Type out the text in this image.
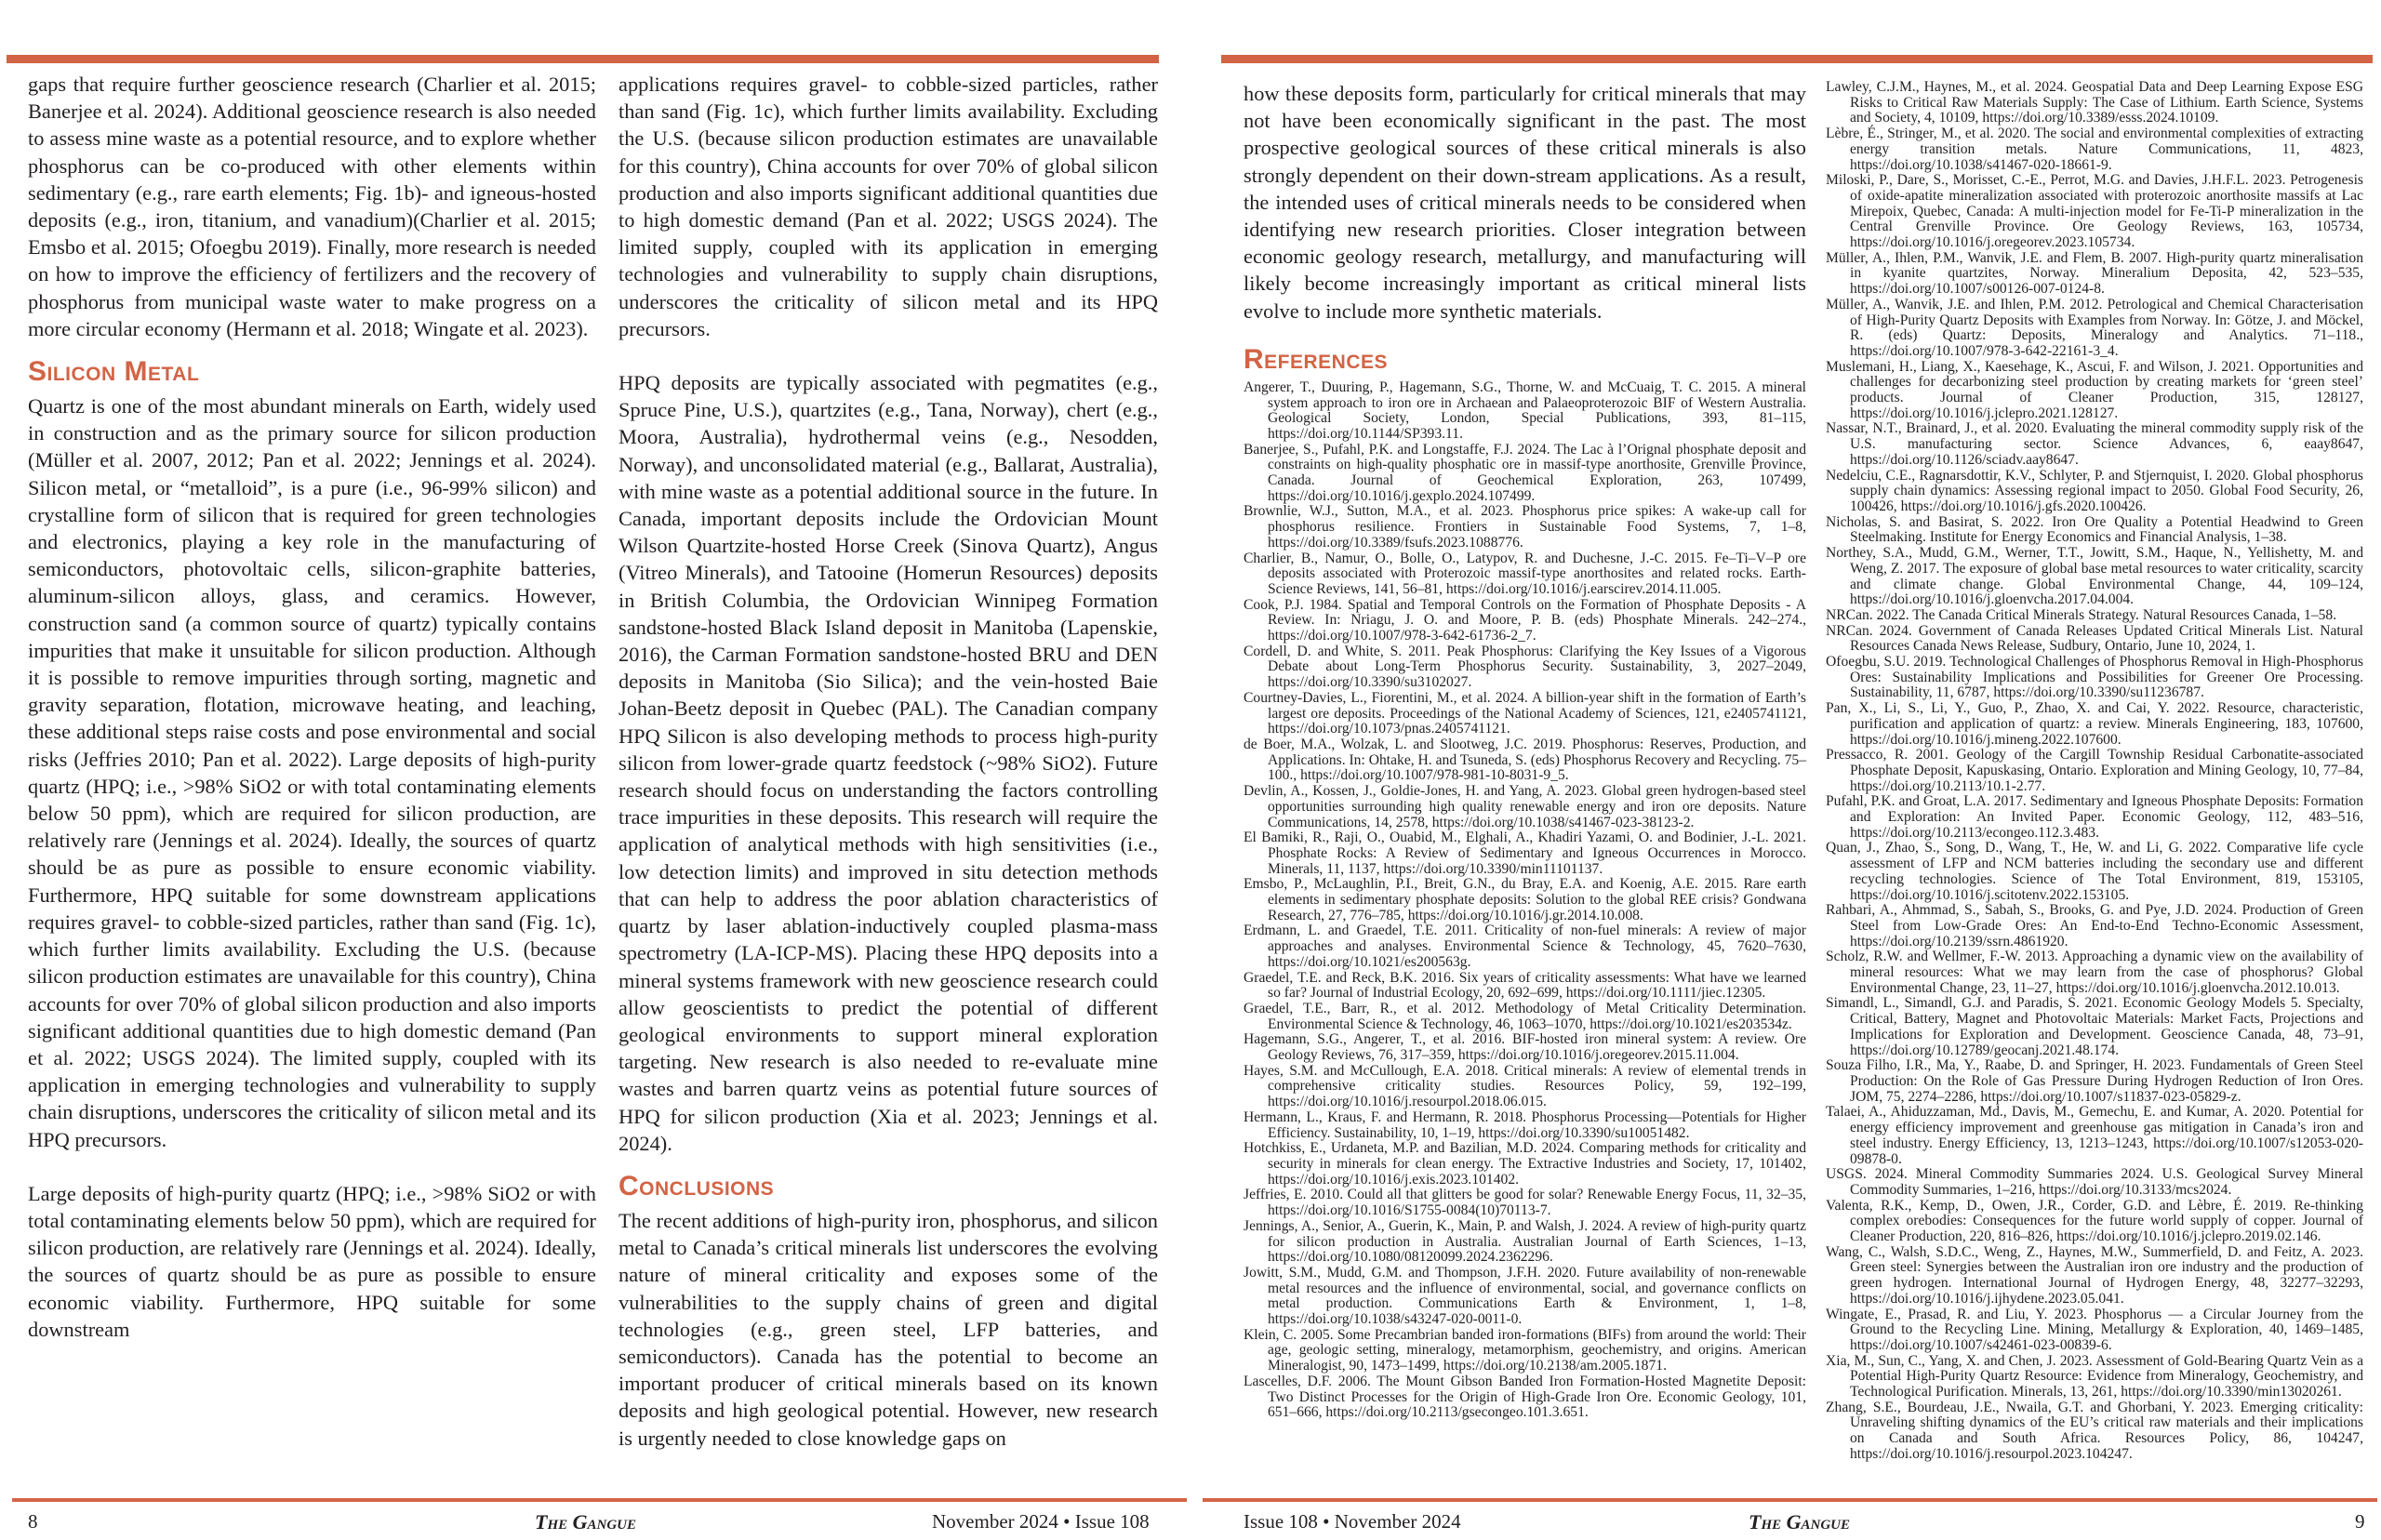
gaps that require further geoscience research (Charlier et al. 2015; Banerjee et al. 2024). Additional geoscience research is also needed to assess mine waste as a potential resource, and to explore whether phosphorus can be co-produced with other elements within sedimentary (e.g., rare earth elements; Fig. 1b)- and igneous-hosted deposits (e.g., iron, titanium, and vanadium)(Charlier et al. 2015; Emsbo et al. 2015; Ofoegbu 2019). Finally, more research is needed on how to improve the efficiency of fertilizers and the recovery of phosphorus from municipal waste water to make progress on a more circular economy (Hermann et al. 2018; Wingate et al. 2023).

Silicon Metal

Quartz is one of the most abundant minerals on Earth, widely used in construction and as the primary source for silicon production (Müller et al. 2007, 2012; Pan et al. 2022; Jennings et al. 2024). Silicon metal, or “metalloid”, is a pure (i.e., 96-99% silicon) and crystalline form of silicon that is required for green technologies and electronics, playing a key role in the manufacturing of semiconductors, photovoltaic cells, silicon-graphite batteries, aluminum-silicon alloys, glass, and ceramics. However, construction sand (a common source of quartz) typically contains impurities that make it unsuitable for silicon production. Although it is possible to remove impurities through sorting, magnetic and gravity separation, flotation, microwave heating, and leaching, these additional steps raise costs and pose environmental and social risks (Jeffries 2010; Pan et al. 2022). Large deposits of high-purity quartz (HPQ; i.e., >98% SiO2 or with total contaminating elements below 50 ppm), which are required for silicon production, are relatively rare (Jennings et al. 2024). Ideally, the sources of quartz should be as pure as possible to ensure economic viability. Furthermore, HPQ suitable for some downstream applications requires gravel- to cobble-sized particles, rather than sand (Fig. 1c), which further limits availability. Excluding the U.S. (because silicon production estimates are unavailable for this country), China accounts for over 70% of global silicon production and also imports significant additional quantities due to high domestic demand (Pan et al. 2022; USGS 2024). The limited supply, coupled with its application in emerging technologies and vulnerability to supply chain disruptions, underscores the criticality of silicon metal and its HPQ precursors.

Large deposits of high-purity quartz (HPQ; i.e., >98% SiO2 or with total contaminating elements below 50 ppm), which are required for silicon production, are relatively rare (Jennings et al. 2024). Ideally, the sources of quartz should be as pure as possible to ensure economic viability. Furthermore, HPQ suitable for some downstream

applications requires gravel- to cobble-sized particles, rather than sand (Fig. 1c), which further limits availability. Excluding the U.S. (because silicon production estimates are unavailable for this country), China accounts for over 70% of global silicon production and also imports significant additional quantities due to high domestic demand (Pan et al. 2022; USGS 2024). The limited supply, coupled with its application in emerging technologies and vulnerability to supply chain disruptions, underscores the criticality of silicon metal and its HPQ precursors.

HPQ deposits are typically associated with pegmatites (e.g., Spruce Pine, U.S.), quartzites (e.g., Tana, Norway), chert (e.g., Moora, Australia), hydrothermal veins (e.g., Nesodden, Norway), and unconsolidated material (e.g., Ballarat, Australia), with mine waste as a potential additional source in the future. In Canada, important deposits include the Ordovician Mount Wilson Quartzite-hosted Horse Creek (Sinova Quartz), Angus (Vitreo Minerals), and Tatooine (Homerun Resources) deposits in British Columbia, the Ordovician Winnipeg Formation sandstone-hosted Black Island deposit in Manitoba (Lapenskie, 2016), the Carman Formation sandstone-hosted BRU and DEN deposits in Manitoba (Sio Silica); and the vein-hosted Baie Johan-Beetz deposit in Quebec (PAL). The Canadian company HPQ Silicon is also developing methods to process high-purity silicon from lower-grade quartz feedstock (~98% SiO2). Future research should focus on understanding the factors controlling trace impurities in these deposits. This research will require the application of analytical methods with high sensitivities (i.e., low detection limits) and improved in situ detection methods that can help to address the poor ablation characteristics of quartz by laser ablation-inductively coupled plasma-mass spectrometry (LA-ICP-MS). Placing these HPQ deposits into a mineral systems framework with new geoscience research could allow geoscientists to predict the potential of different geological environments to support mineral exploration targeting. New research is also needed to re-evaluate mine wastes and barren quartz veins as potential future sources of HPQ for silicon production (Xia et al. 2023; Jennings et al. 2024).

Conclusions

The recent additions of high-purity iron, phosphorus, and silicon metal to Canada’s critical minerals list underscores the evolving nature of mineral criticality and exposes some of the vulnerabilities to the supply chains of green and digital technologies (e.g., green steel, LFP batteries, and semiconductors). Canada has the potential to become an important producer of critical minerals based on its known deposits and high geological potential. However, new research is urgently needed to close knowledge gaps on

8	The Gangue	November 2024 • Issue 108

how these deposits form, particularly for critical minerals that may not have been economically significant in the past. The most prospective geological sources of these critical minerals is also strongly dependent on their down-stream applications. As a result, the intended uses of critical minerals needs to be considered when identifying new research priorities. Closer integration between economic geology research, metallurgy, and manufacturing will likely become increasingly important as critical mineral lists evolve to include more synthetic materials.

References

Angerer, T., Duuring, P., Hagemann, S.G., Thorne, W. and McCuaig, T. C. 2015. A mineral system approach to iron ore in Archaean and Palaeoproterozoic BIF of Western Australia. Geological Society, London, Special Publications, 393, 81–115, https://doi.org/10.1144/SP393.11.

Banerjee, S., Pufahl, P.K. and Longstaffe, F.J. 2024. The Lac à l’Orignal phosphate deposit and constraints on high-quality phosphatic ore in massif-type anorthosite, Grenville Province, Canada. Journal of Geochemical Exploration, 263, 107499, https://doi.org/10.1016/j.gexplo.2024.107499.

Brownlie, W.J., Sutton, M.A., et al. 2023. Phosphorus price spikes: A wake-up call for phosphorus resilience. Frontiers in Sustainable Food Systems, 7, 1–8, https://doi.org/10.3389/fsufs.2023.1088776.

Charlier, B., Namur, O., Bolle, O., Latypov, R. and Duchesne, J.-C. 2015. Fe–Ti–V–P ore deposits associated with Proterozoic massif-type anorthosites and related rocks. Earth-Science Reviews, 141, 56–81, https://doi.org/10.1016/j.earscirev.2014.11.005.

Cook, P.J. 1984. Spatial and Temporal Controls on the Formation of Phosphate Deposits - A Review. In: Nriagu, J. O. and Moore, P. B. (eds) Phosphate Minerals. 242–274., https://doi.org/10.1007/978-3-642-61736-2_7.

Cordell, D. and White, S. 2011. Peak Phosphorus: Clarifying the Key Issues of a Vigorous Debate about Long-Term Phosphorus Security. Sustainability, 3, 2027–2049, https://doi.org/10.3390/su3102027.

Courtney-Davies, L., Fiorentini, M., et al. 2024. A billion-year shift in the formation of Earth’s largest ore deposits. Proceedings of the National Academy of Sciences, 121, e2405741121, https://doi.org/10.1073/pnas.2405741121.

de Boer, M.A., Wolzak, L. and Slootweg, J.C. 2019. Phosphorus: Reserves, Production, and Applications. In: Ohtake, H. and Tsuneda, S. (eds) Phosphorus Recovery and Recycling. 75–100., https://doi.org/10.1007/978-981-10-8031-9_5.

Devlin, A., Kossen, J., Goldie-Jones, H. and Yang, A. 2023. Global green hydrogen-based steel opportunities surrounding high quality renewable energy and iron ore deposits. Nature Communications, 14, 2578, https://doi.org/10.1038/s41467-023-38123-2.

El Bamiki, R., Raji, O., Ouabid, M., Elghali, A., Khadiri Yazami, O. and Bodinier, J.-L. 2021. Phosphate Rocks: A Review of Sedimentary and Igneous Occurrences in Morocco. Minerals, 11, 1137, https://doi.org/10.3390/min11101137.

Emsbo, P., McLaughlin, P.I., Breit, G.N., du Bray, E.A. and Koenig, A.E. 2015. Rare earth elements in sedimentary phosphate deposits: Solution to the global REE crisis? Gondwana Research, 27, 776–785, https://doi.org/10.1016/j.gr.2014.10.008.

Erdmann, L. and Graedel, T.E. 2011. Criticality of non-fuel minerals: A review of major approaches and analyses. Environmental Science & Technology, 45, 7620–7630, https://doi.org/10.1021/es200563g.

Graedel, T.E. and Reck, B.K. 2016. Six years of criticality assessments: What have we learned so far? Journal of Industrial Ecology, 20, 692–699, https://doi.org/10.1111/jiec.12305.

Graedel, T.E., Barr, R., et al. 2012. Methodology of Metal Criticality Determination. Environmental Science & Technology, 46, 1063–1070, https://doi.org/10.1021/es203534z.

Hagemann, S.G., Angerer, T., et al. 2016. BIF-hosted iron mineral system: A review. Ore Geology Reviews, 76, 317–359, https://doi.org/10.1016/j.oregeorev.2015.11.004.

Hayes, S.M. and McCullough, E.A. 2018. Critical minerals: A review of elemental trends in comprehensive criticality studies. Resources Policy, 59, 192–199, https://doi.org/10.1016/j.resourpol.2018.06.015.

Hermann, L., Kraus, F. and Hermann, R. 2018. Phosphorus Processing—Potentials for Higher Efficiency. Sustainability, 10, 1–19, https://doi.org/10.3390/su10051482.

Hotchkiss, E., Urdaneta, M.P. and Bazilian, M.D. 2024. Comparing methods for criticality and security in minerals for clean energy. The Extractive Industries and Society, 17, 101402, https://doi.org/10.1016/j.exis.2023.101402.

Jeffries, E. 2010. Could all that glitters be good for solar? Renewable Energy Focus, 11, 32–35, https://doi.org/10.1016/S1755-0084(10)70113-7.

Jennings, A., Senior, A., Guerin, K., Main, P. and Walsh, J. 2024. A review of high-purity quartz for silicon production in Australia. Australian Journal of Earth Sciences, 1–13, https://doi.org/10.1080/08120099.2024.2362296.

Jowitt, S.M., Mudd, G.M. and Thompson, J.F.H. 2020. Future availability of non-renewable metal resources and the influence of environmental, social, and governance conflicts on metal production. Communications Earth & Environment, 1, 1–8, https://doi.org/10.1038/s43247-020-0011-0.

Klein, C. 2005. Some Precambrian banded iron-formations (BIFs) from around the world: Their age, geologic setting, mineralogy, metamorphism, geochemistry, and origins. American Mineralogist, 90, 1473–1499, https://doi.org/10.2138/am.2005.1871.

Lascelles, D.F. 2006. The Mount Gibson Banded Iron Formation-Hosted Magnetite Deposit: Two Distinct Processes for the Origin of High-Grade Iron Ore. Economic Geology, 101, 651–666, https://doi.org/10.2113/gsecongeo.101.3.651.

Lawley, C.J.M., Haynes, M., et al. 2024. Geospatial Data and Deep Learning Expose ESG Risks to Critical Raw Materials Supply: The Case of Lithium. Earth Science, Systems and Society, 4, 10109, https://doi.org/10.3389/esss.2024.10109.

Lèbre, É., Stringer, M., et al. 2020. The social and environmental complexities of extracting energy transition metals. Nature Communications, 11, 4823, https://doi.org/10.1038/s41467-020-18661-9.

Miloski, P., Dare, S., Morisset, C.-E., Perrot, M.G. and Davies, J.H.F.L. 2023. Petrogenesis of oxide-apatite mineralization associated with proterozoic anorthosite massifs at Lac Mirepoix, Quebec, Canada: A multi-injection model for Fe-Ti-P mineralization in the Central Grenville Province. Ore Geology Reviews, 163, 105734, https://doi.org/10.1016/j.oregeorev.2023.105734.

Müller, A., Ihlen, P.M., Wanvik, J.E. and Flem, B. 2007. High-purity quartz mineralisation in kyanite quartzites, Norway. Mineralium Deposita, 42, 523–535, https://doi.org/10.1007/s00126-007-0124-8.

Müller, A., Wanvik, J.E. and Ihlen, P.M. 2012. Petrological and Chemical Characterisation of High-Purity Quartz Deposits with Examples from Norway. In: Götze, J. and Möckel, R. (eds) Quartz: Deposits, Mineralogy and Analytics. 71–118., https://doi.org/10.1007/978-3-642-22161-3_4.

Muslemani, H., Liang, X., Kaesehage, K., Ascui, F. and Wilson, J. 2021. Opportunities and challenges for decarbonizing steel production by creating markets for ‘green steel’ products. Journal of Cleaner Production, 315, 128127, https://doi.org/10.1016/j.jclepro.2021.128127.

Nassar, N.T., Brainard, J., et al. 2020. Evaluating the mineral commodity supply risk of the U.S. manufacturing sector. Science Advances, 6, eaay8647, https://doi.org/10.1126/sciadv.aay8647.

Nedelciu, C.E., Ragnarsdottir, K.V., Schlyter, P. and Stjernquist, I. 2020. Global phosphorus supply chain dynamics: Assessing regional impact to 2050. Global Food Security, 26, 100426, https://doi.org/10.1016/j.gfs.2020.100426.

Nicholas, S. and Basirat, S. 2022. Iron Ore Quality a Potential Headwind to Green Steelmaking. Institute for Energy Economics and Financial Analysis, 1–38.

Northey, S.A., Mudd, G.M., Werner, T.T., Jowitt, S.M., Haque, N., Yellishetty, M. and Weng, Z. 2017. The exposure of global base metal resources to water criticality, scarcity and climate change. Global Environmental Change, 44, 109–124, https://doi.org/10.1016/j.gloenvcha.2017.04.004.

NRCan. 2022. The Canada Critical Minerals Strategy. Natural Resources Canada, 1–58.

NRCan. 2024. Government of Canada Releases Updated Critical Minerals List. Natural Resources Canada News Release, Sudbury, Ontario, June 10, 2024, 1.

Ofoegbu, S.U. 2019. Technological Challenges of Phosphorus Removal in High-Phosphorus Ores: Sustainability Implications and Possibilities for Greener Ore Processing. Sustainability, 11, 6787, https://doi.org/10.3390/su11236787.

Pan, X., Li, S., Li, Y., Guo, P., Zhao, X. and Cai, Y. 2022. Resource, characteristic, purification and application of quartz: a review. Minerals Engineering, 183, 107600, https://doi.org/10.1016/j.mineng.2022.107600.

Pressacco, R. 2001. Geology of the Cargill Township Residual Carbonatite-associated Phosphate Deposit, Kapuskasing, Ontario. Exploration and Mining Geology, 10, 77–84, https://doi.org/10.2113/10.1-2.77.

Pufahl, P.K. and Groat, L.A. 2017. Sedimentary and Igneous Phosphate Deposits: Formation and Exploration: An Invited Paper. Economic Geology, 112, 483–516, https://doi.org/10.2113/econgeo.112.3.483.

Quan, J., Zhao, S., Song, D., Wang, T., He, W. and Li, G. 2022. Comparative life cycle assessment of LFP and NCM batteries including the secondary use and different recycling technologies. Science of The Total Environment, 819, 153105, https://doi.org/10.1016/j.scitotenv.2022.153105.

Rahbari, A., Ahmmad, S., Sabah, S., Brooks, G. and Pye, J.D. 2024. Production of Green Steel from Low-Grade Ores: An End-to-End Techno-Economic Assessment, https://doi.org/10.2139/ssrn.4861920.

Scholz, R.W. and Wellmer, F.-W. 2013. Approaching a dynamic view on the availability of mineral resources: What we may learn from the case of phosphorus? Global Environmental Change, 23, 11–27, https://doi.org/10.1016/j.gloenvcha.2012.10.013.

Simandl, L., Simandl, G.J. and Paradis, S. 2021. Economic Geology Models 5. Specialty, Critical, Battery, Magnet and Photovoltaic Materials: Market Facts, Projections and Implications for Exploration and Development. Geoscience Canada, 48, 73–91, https://doi.org/10.12789/geocanj.2021.48.174.

Souza Filho, I.R., Ma, Y., Raabe, D. and Springer, H. 2023. Fundamentals of Green Steel Production: On the Role of Gas Pressure During Hydrogen Reduction of Iron Ores. JOM, 75, 2274–2286, https://doi.org/10.1007/s11837-023-05829-z.

Talaei, A., Ahiduzzaman, Md., Davis, M., Gemechu, E. and Kumar, A. 2020. Potential for energy efficiency improvement and greenhouse gas mitigation in Canada’s iron and steel industry. Energy Efficiency, 13, 1213–1243, https://doi.org/10.1007/s12053-020-09878-0.

USGS. 2024. Mineral Commodity Summaries 2024. U.S. Geological Survey Mineral Commodity Summaries, 1–216, https://doi.org/10.3133/mcs2024.

Valenta, R.K., Kemp, D., Owen, J.R., Corder, G.D. and Lèbre, É. 2019. Re-thinking complex orebodies: Consequences for the future world supply of copper. Journal of Cleaner Production, 220, 816–826, https://doi.org/10.1016/j.jclepro.2019.02.146.

Wang, C., Walsh, S.D.C., Weng, Z., Haynes, M.W., Summerfield, D. and Feitz, A. 2023. Green steel: Synergies between the Australian iron ore industry and the production of green hydrogen. International Journal of Hydrogen Energy, 48, 32277–32293, https://doi.org/10.1016/j.ijhydene.2023.05.041.

Wingate, E., Prasad, R. and Liu, Y. 2023. Phosphorus — a Circular Journey from the Ground to the Recycling Line. Mining, Metallurgy & Exploration, 40, 1469–1485, https://doi.org/10.1007/s42461-023-00839-6.

Xia, M., Sun, C., Yang, X. and Chen, J. 2023. Assessment of Gold-Bearing Quartz Vein as a Potential High-Purity Quartz Resource: Evidence from Mineralogy, Geochemistry, and Technological Purification. Minerals, 13, 261, https://doi.org/10.3390/min13020261.

Zhang, S.E., Bourdeau, J.E., Nwaila, G.T. and Ghorbani, Y. 2023. Emerging criticality: Unraveling shifting dynamics of the EU’s critical raw materials and their implications on Canada and South Africa. Resources Policy, 86, 104247, https://doi.org/10.1016/j.resourpol.2023.104247.

Issue 108 • November 2024	The Gangue	9
